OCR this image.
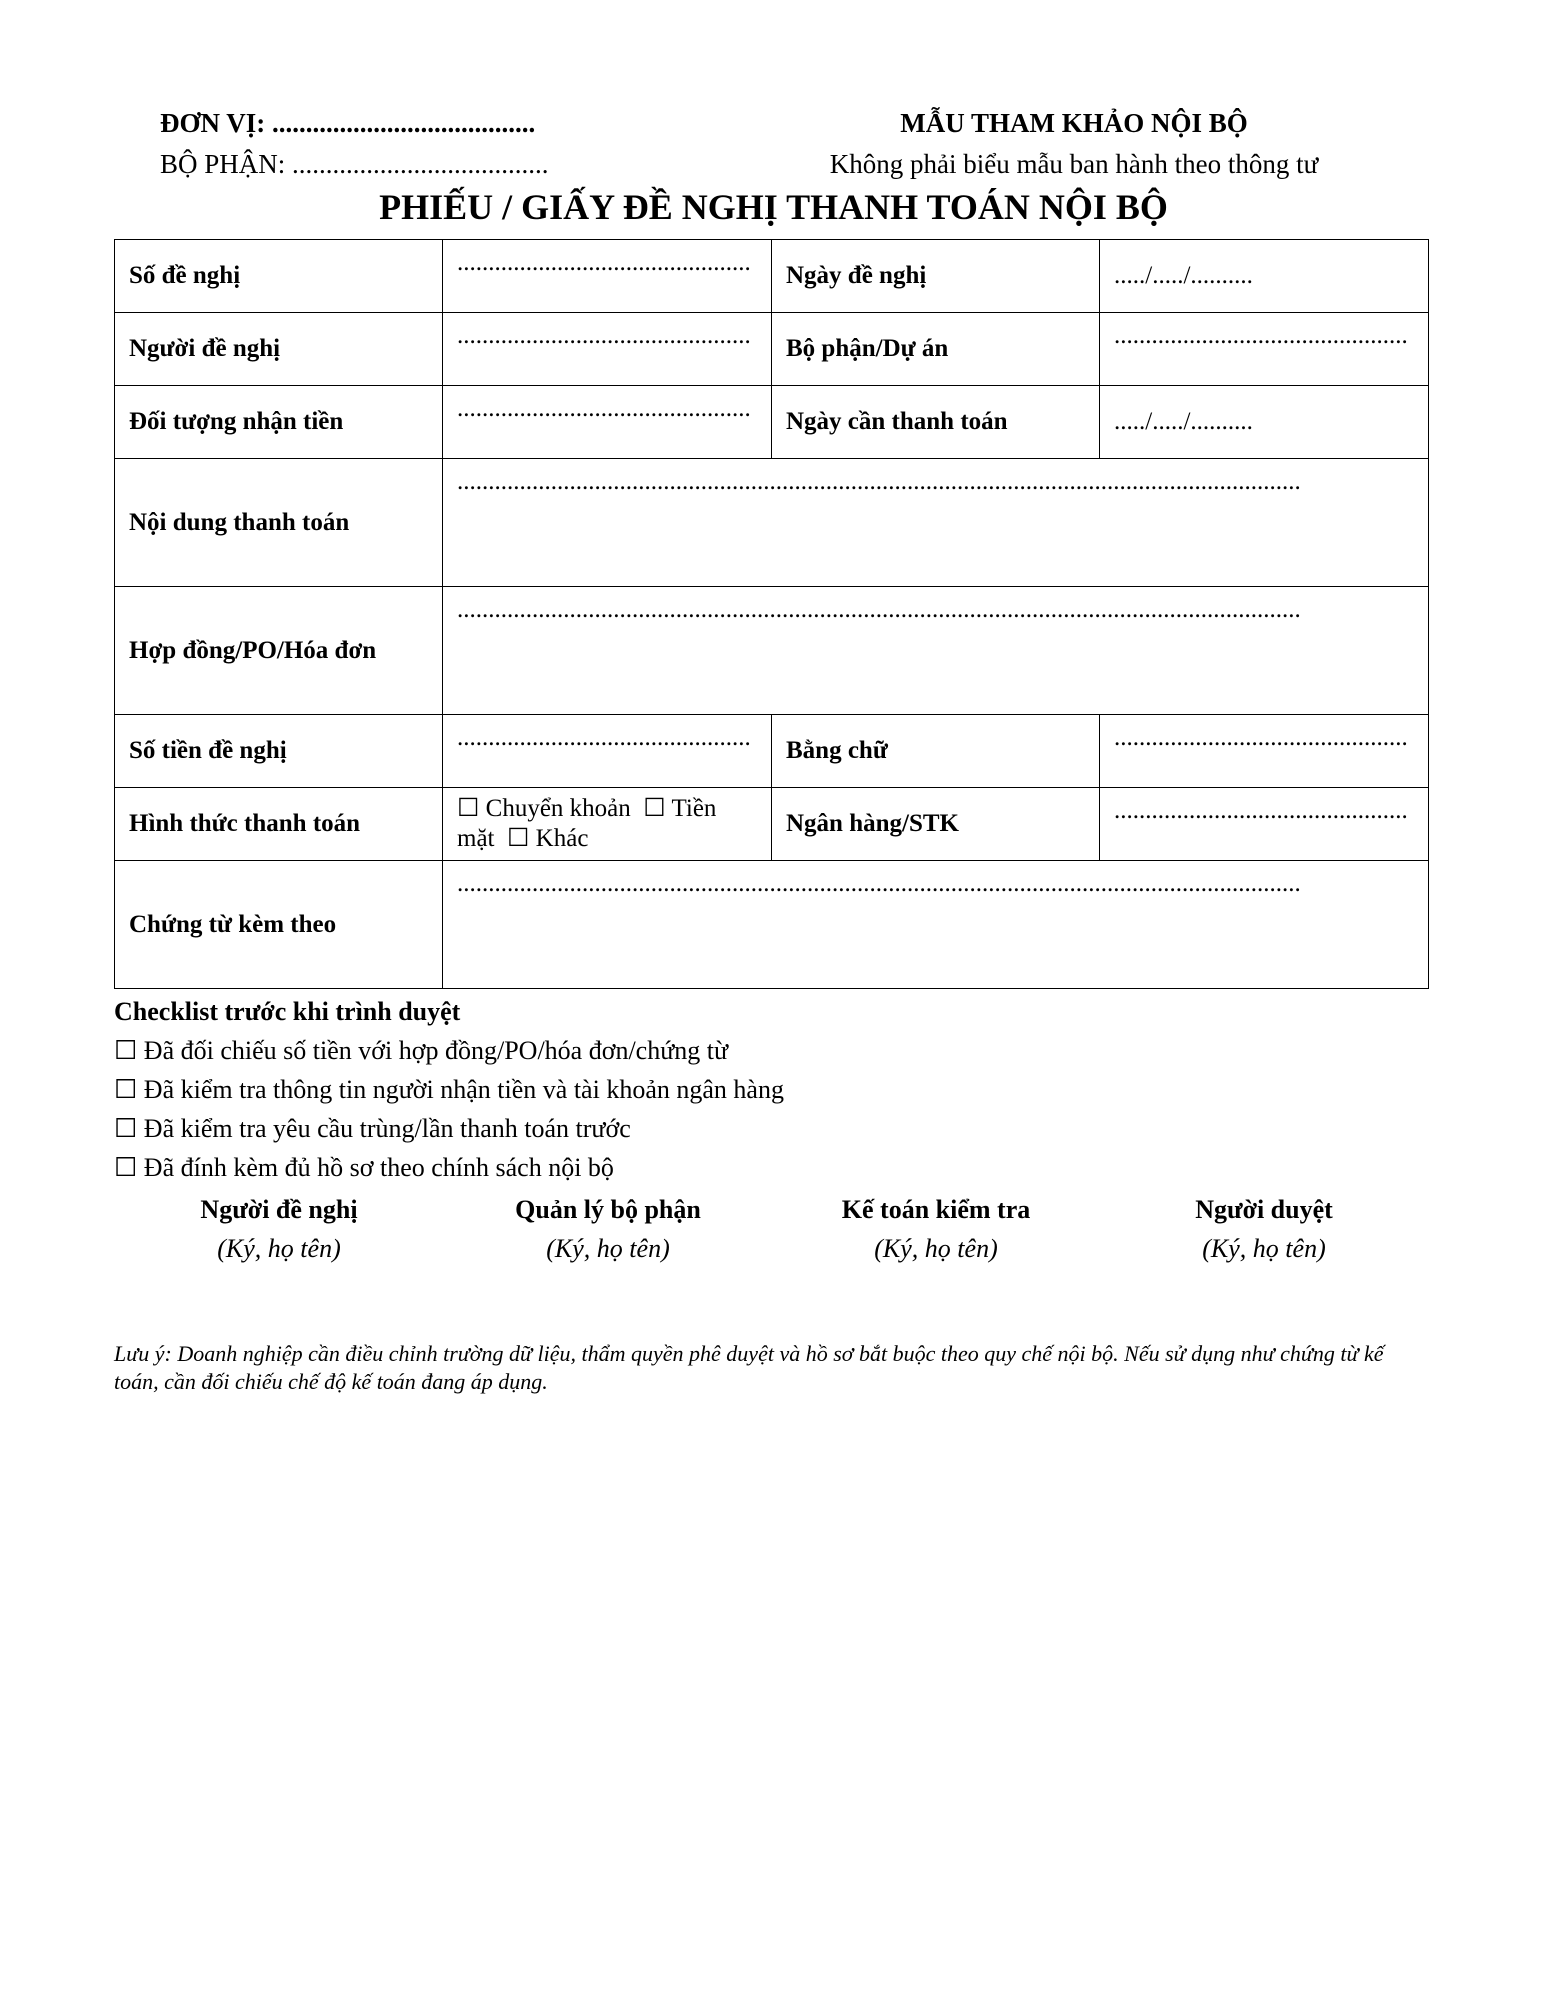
ĐƠN VỊ: .......................................
BỘ PHẬN: ......................................
MẪU THAM KHẢO NỘI BỘ
Không phải biểu mẫu ban hành theo thông tư
PHIẾU / GIẤY ĐỀ NGHỊ THANH TOÁN NỘI BỘ
Số đề nghị	...............................................	Ngày đề nghị	...../...../..........
Người đề nghị	...............................................	Bộ phận/Dự án	...............................................
Đối tượng nhận tiền	...............................................	Ngày cần thanh toán	...../...../..........
Nội dung thanh toán	.......................................................................................................................................		
Hợp đồng/PO/Hóa đơn	.......................................................................................................................................		
Số tiền đề nghị	...............................................	Bằng chữ	...............................................
Hình thức thanh toán	☐ Chuyển khoản ☐ Tiền mặt ☐ Khác	Ngân hàng/STK	...............................................
Chứng từ kèm theo	.......................................................................................................................................		
Checklist trước khi trình duyệt
☐ Đã đối chiếu số tiền với hợp đồng/PO/hóa đơn/chứng từ
☐ Đã kiểm tra thông tin người nhận tiền và tài khoản ngân hàng
☐ Đã kiểm tra yêu cầu trùng/lần thanh toán trước
☐ Đã đính kèm đủ hồ sơ theo chính sách nội bộ
Người đề nghị
(Ký, họ tên)
Quản lý bộ phận
(Ký, họ tên)
Kế toán kiểm tra
(Ký, họ tên)
Người duyệt
(Ký, họ tên)
Lưu ý: Doanh nghiệp cần điều chỉnh trường dữ liệu, thẩm quyền phê duyệt và hồ sơ bắt buộc theo quy chế nội bộ. Nếu sử dụng như chứng từ kế toán, cần đối chiếu chế độ kế toán đang áp dụng.
